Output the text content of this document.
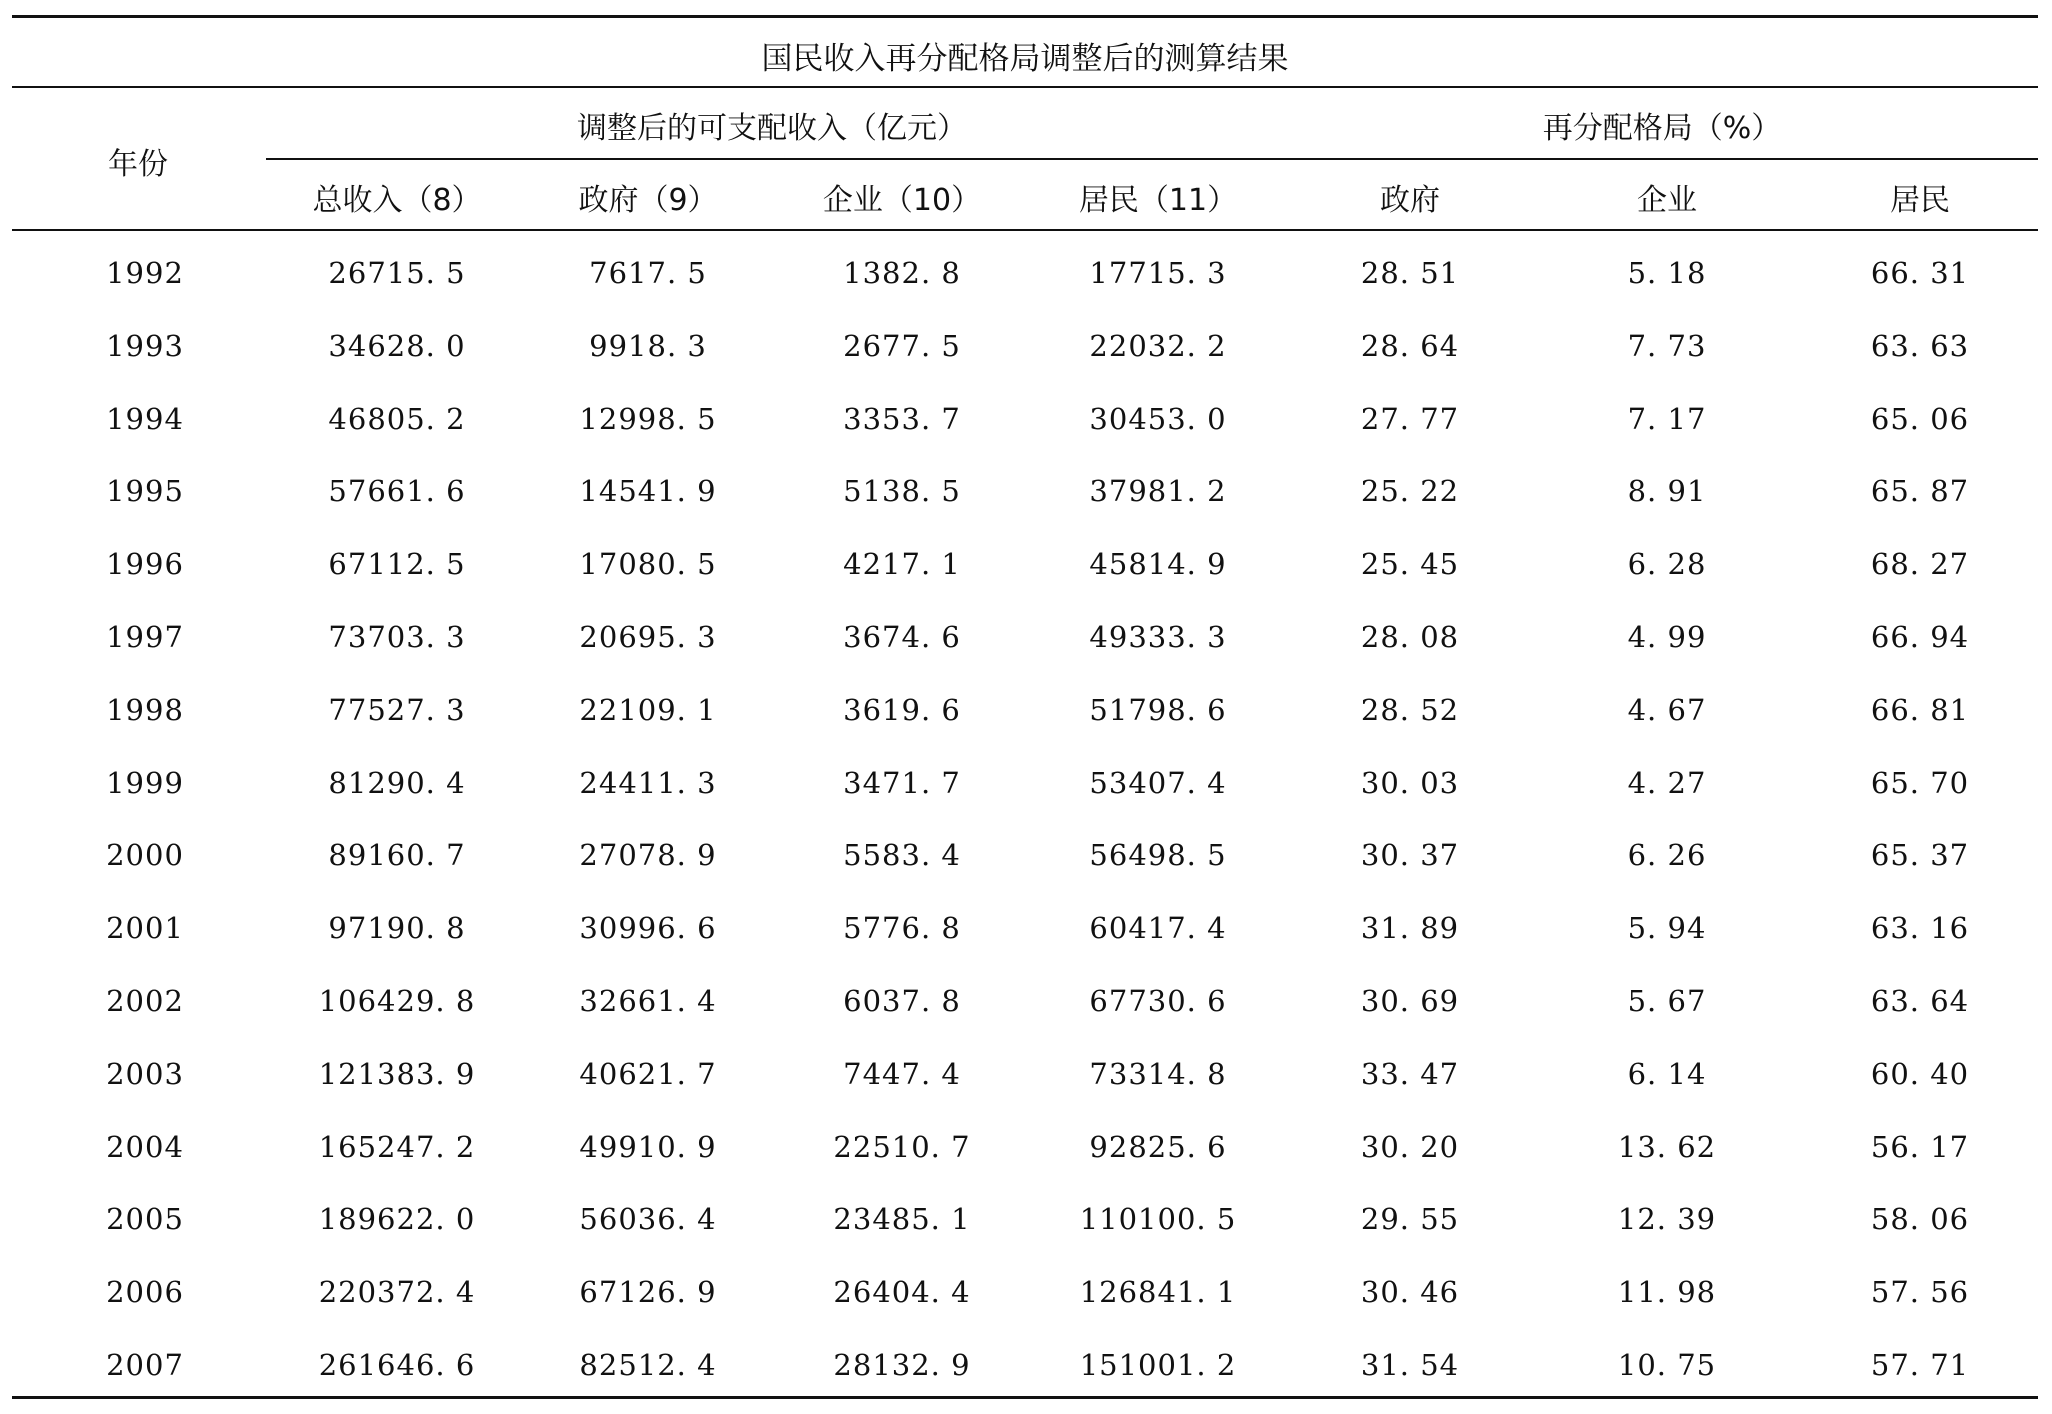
国民收入再分配格局调整后的测算结果
年份
调整后的可支配收入（亿元）	再分配格局（%）
总收入（8）	政府（9）	企业（10）	居民（11）	政府	企业	居民
1992	26715. 5	7617. 5	1382. 8	17715. 3	28. 51	5. 18	66. 31
1993	34628. 0	9918. 3	2677. 5	22032. 2	28. 64	7. 73	63. 63
1994	46805. 2	12998. 5	3353. 7	30453. 0	27. 77	7. 17	65. 06
1995	57661. 6	14541. 9	5138. 5	37981. 2	25. 22	8. 91	65. 87
1996	67112. 5	17080. 5	4217. 1	45814. 9	25. 45	6. 28	68. 27
1997	73703. 3	20695. 3	3674. 6	49333. 3	28. 08	4. 99	66. 94
1998	77527. 3	22109. 1	3619. 6	51798. 6	28. 52	4. 67	66. 81
1999	81290. 4	24411. 3	3471. 7	53407. 4	30. 03	4. 27	65. 70
2000	89160. 7	27078. 9	5583. 4	56498. 5	30. 37	6. 26	65. 37
2001	97190. 8	30996. 6	5776. 8	60417. 4	31. 89	5. 94	63. 16
2002	106429. 8	32661. 4	6037. 8	67730. 6	30. 69	5. 67	63. 64
2003	121383. 9	40621. 7	7447. 4	73314. 8	33. 47	6. 14	60. 40
2004	165247. 2	49910. 9	22510. 7	92825. 6	30. 20	13. 62	56. 17
2005	189622. 0	56036. 4	23485. 1	110100. 5	29. 55	12. 39	58. 06
2006	220372. 4	67126. 9	26404. 4	126841. 1	30. 46	11. 98	57. 56
2007	261646. 6	82512. 4	28132. 9	151001. 2	31. 54	10. 75	57. 71
